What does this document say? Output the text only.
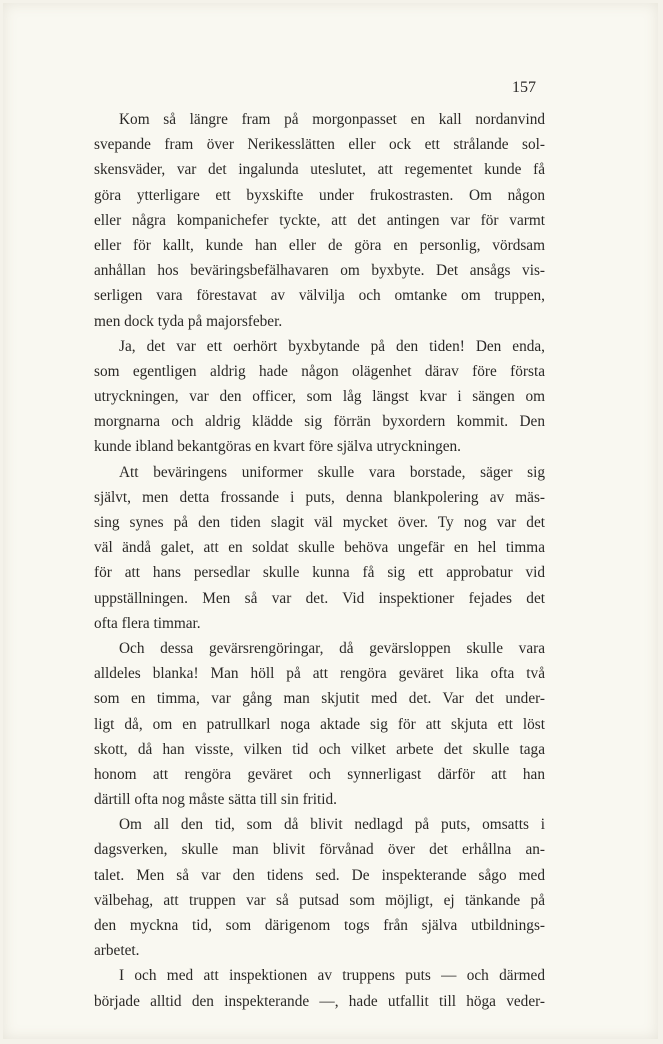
157
Kom så längre fram på morgonpasset en kall nordanvind
svepande fram över Nerikesslätten eller ock ett strålande sol-
skensväder, var det ingalunda uteslutet, att regementet kunde få
göra ytterligare ett byxskifte under frukostrasten. Om någon
eller några kompanichefer tyckte, att det antingen var för varmt
eller för kallt, kunde han eller de göra en personlig, vördsam
anhållan hos beväringsbefälhavaren om byxbyte. Det ansågs vis-
serligen vara förestavat av välvilja och omtanke om truppen,
men dock tyda på majorsfeber.
Ja, det var ett oerhört byxbytande på den tiden! Den enda,
som egentligen aldrig hade någon olägenhet därav före första
utryckningen, var den officer, som låg längst kvar i sängen om
morgnarna och aldrig klädde sig förrän byxordern kommit. Den
kunde ibland bekantgöras en kvart före själva utryckningen.
Att beväringens uniformer skulle vara borstade, säger sig
självt, men detta frossande i puts, denna blankpolering av mäs-
sing synes på den tiden slagit väl mycket över. Ty nog var det
väl ändå galet, att en soldat skulle behöva ungefär en hel timma
för att hans persedlar skulle kunna få sig ett approbatur vid
uppställningen. Men så var det. Vid inspektioner fejades det
ofta flera timmar.
Och dessa gevärsrengöringar, då gevärsloppen skulle vara
alldeles blanka! Man höll på att rengöra geväret lika ofta två
som en timma, var gång man skjutit med det. Var det under-
ligt då, om en patrullkarl noga aktade sig för att skjuta ett löst
skott, då han visste, vilken tid och vilket arbete det skulle taga
honom att rengöra geväret och synnerligast därför att han
därtill ofta nog måste sätta till sin fritid.
Om all den tid, som då blivit nedlagd på puts, omsatts i
dagsverken, skulle man blivit förvånad över det erhållna an-
talet. Men så var den tidens sed. De inspekterande sågo med
välbehag, att truppen var så putsad som möjligt, ej tänkande på
den myckna tid, som därigenom togs från själva utbildnings-
arbetet.
I och med att inspektionen av truppens puts — och därmed
började alltid den inspekterande —, hade utfallit till höga veder-
